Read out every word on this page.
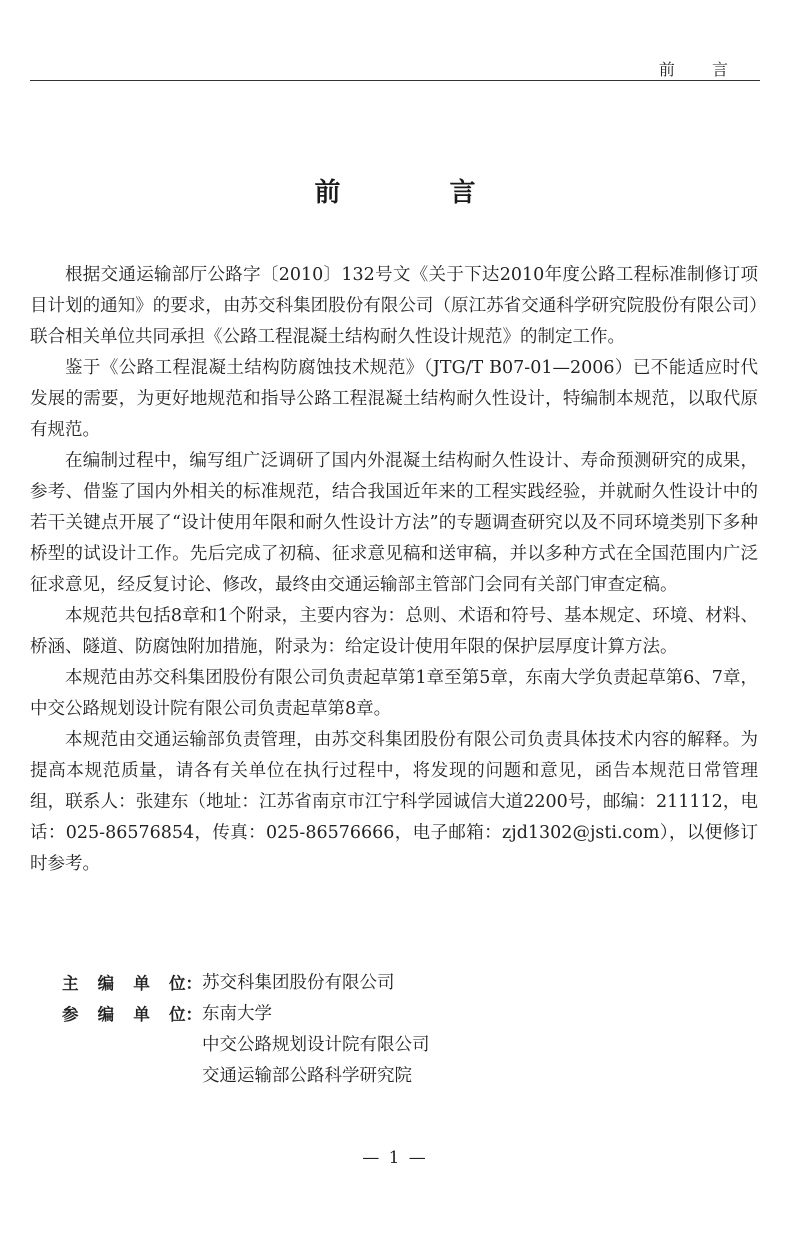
前 言
前 言

根据交通运输部厅公路字〔2010〕132号文《关于下达2010年度公路工程标准制修订项目计划的通知》的要求，由苏交科集团股份有限公司（原江苏省交通科学研究院股份有限公司）联合相关单位共同承担《公路工程混凝土结构耐久性设计规范》的制定工作。

鉴于《公路工程混凝土结构防腐蚀技术规范》（JTG/T B07-01—2006）已不能适应时代发展的需要，为更好地规范和指导公路工程混凝土结构耐久性设计，特编制本规范，以取代原有规范。

在编制过程中，编写组广泛调研了国内外混凝土结构耐久性设计、寿命预测研究的成果，参考、借鉴了国内外相关的标准规范，结合我国近年来的工程实践经验，并就耐久性设计中的若干关键点开展了“设计使用年限和耐久性设计方法”的专题调查研究以及不同环境类别下多种桥型的试设计工作。先后完成了初稿、征求意见稿和送审稿，并以多种方式在全国范围内广泛征求意见，经反复讨论、修改，最终由交通运输部主管部门会同有关部门审查定稿。

本规范共包括8章和1个附录，主要内容为：总则、术语和符号、基本规定、环境、材料、桥涵、隧道、防腐蚀附加措施，附录为：给定设计使用年限的保护层厚度计算方法。

本规范由苏交科集团股份有限公司负责起草第1章至第5章，东南大学负责起草第6、7章，中交公路规划设计院有限公司负责起草第8章。

本规范由交通运输部负责管理，由苏交科集团股份有限公司负责具体技术内容的解释。为提高本规范质量，请各有关单位在执行过程中，将发现的问题和意见，函告本规范日常管理组，联系人：张建东（地址：江苏省南京市江宁科学园诚信大道2200号，邮编：211112，电话：025-86576854，传真：025-86576666，电子邮箱：zjd1302@jsti.com），以便修订时参考。

主 编 单 位： 苏交科集团股份有限公司
参 编 单 位： 东南大学
中交公路规划设计院有限公司
交通运输部公路科学研究院
— 1 —
